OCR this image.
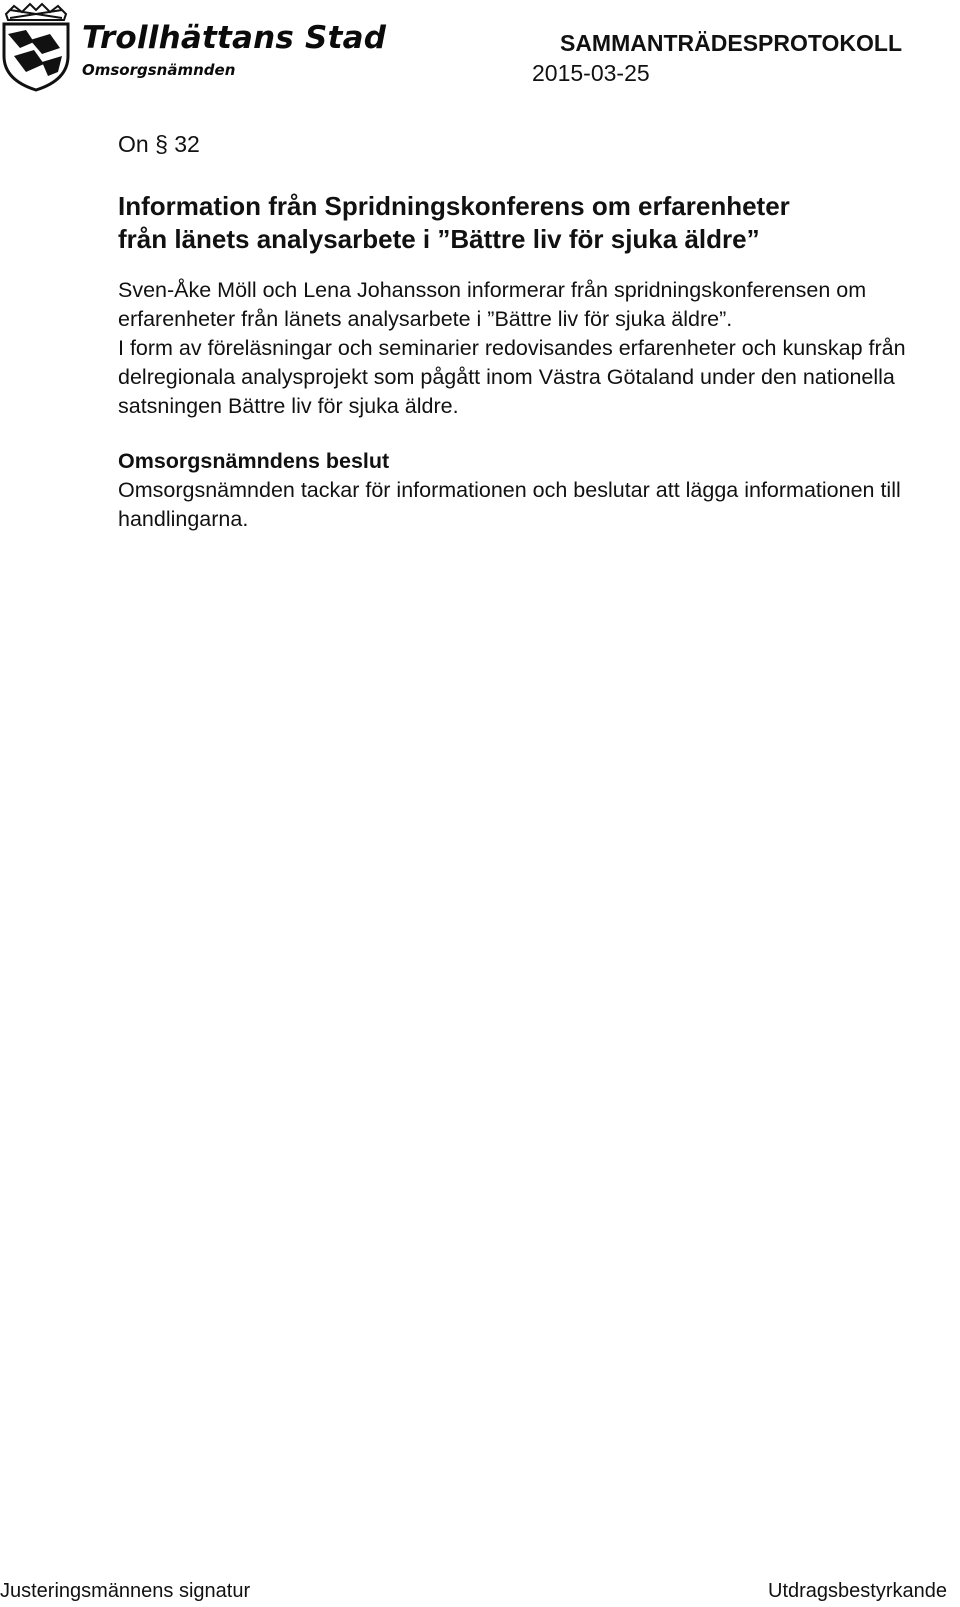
Trollhättans Stad
Omsorgsnämnden
SAMMANTRÄDESPROTOKOLL
2015-03-25
On § 32
Information från Spridningskonferens om erfarenheter från länets analysarbete i ”Bättre liv för sjuka äldre”

Sven-Åke Möll och Lena Johansson informerar från spridningskonferensen om erfarenheter från länets analysarbete i ”Bättre liv för sjuka äldre”.

I form av föreläsningar och seminarier redovisandes erfarenheter och kunskap från delregionala analysprojekt som pågått inom Västra Götaland under den nationella satsningen Bättre liv för sjuka äldre.

Omsorgsnämndens beslut

Omsorgsnämnden tackar för informationen och beslutar att lägga informationen till handlingarna.

Justeringsmännens signatur	Utdragsbestyrkande
